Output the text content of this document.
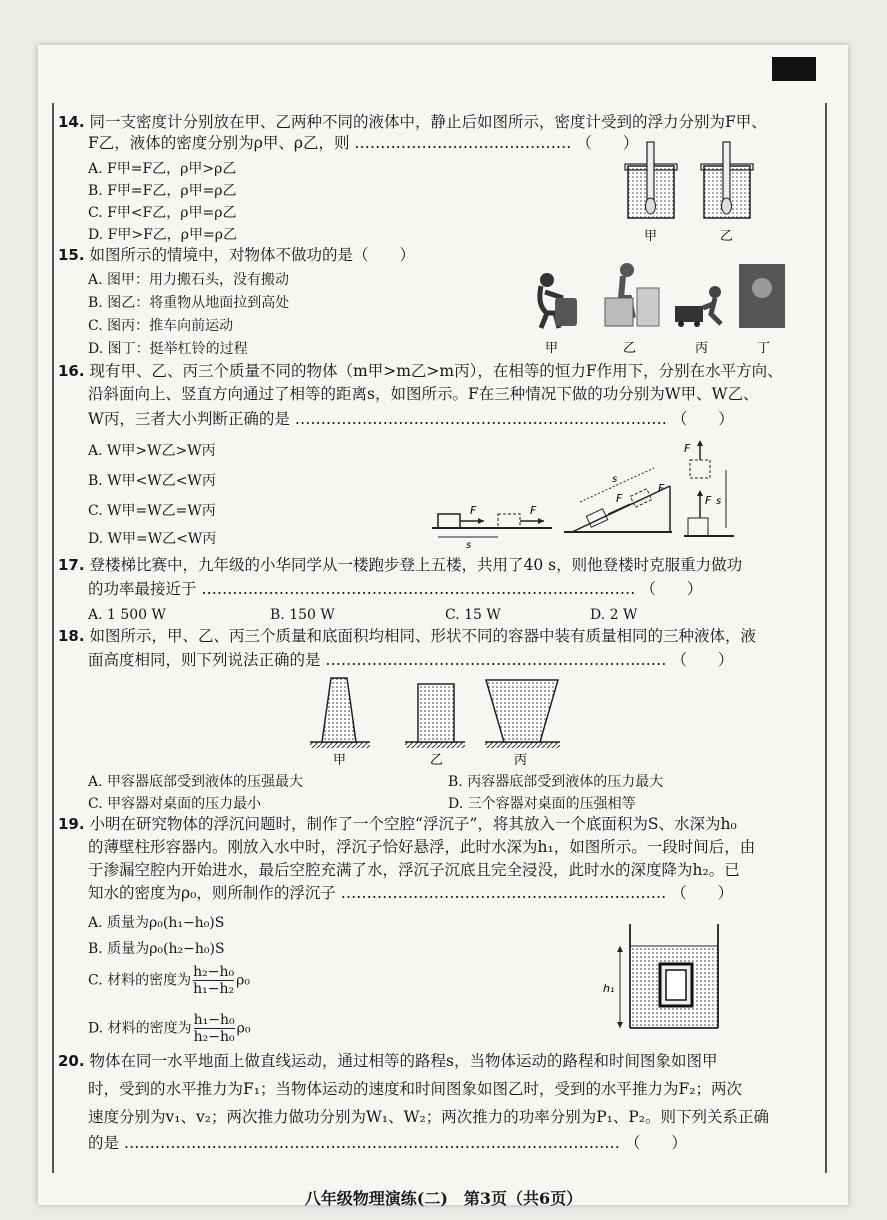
14. 同一支密度计分别放在甲、乙两种不同的液体中，静止后如图所示，密度计受到的浮力分别为F甲、
F乙，液体的密度分别为ρ甲、ρ乙，则 …………………………………… （　　）
A. F甲=F乙，ρ甲>ρ乙
B. F甲=F乙，ρ甲=ρ乙
C. F甲<F乙，ρ甲=ρ乙
D. F甲>F乙，ρ甲=ρ乙	甲	乙
15. 如图所示的情境中，对物体不做功的是（　　）
A. 图甲：用力搬石头，没有搬动
B. 图乙：将重物从地面拉到高处
C. 图丙：推车向前运动
D. 图丁：挺举杠铃的过程	甲	乙	丙	丁
16. 现有甲、乙、丙三个质量不同的物体（m甲>m乙>m丙），在相等的恒力F作用下，分别在水平方向、
沿斜面向上、竖直方向通过了相等的距离s，如图所示。F在三种情况下做的功分别为W甲、W乙、
W丙，三者大小判断正确的是 ……………………………………………………………… （　　）
A. W甲>W乙>W丙
B. W甲<W乙<W丙
C. W甲=W乙=W丙
D. W甲=W乙<W丙
F	F
s
F
F
s
F
F
s
17. 登楼梯比赛中，九年级的小华同学从一楼跑步登上五楼，共用了40 s，则他登楼时克服重力做功
的功率最接近于 ………………………………………………………………………… （　　）
A. 1 500 W	B. 150 W	C. 15 W	D. 2 W
18. 如图所示，甲、乙、丙三个质量和底面积均相同、形状不同的容器中装有质量相同的三种液体，液
面高度相同，则下列说法正确的是 ………………………………………………………… （　　）
甲	乙	丙
A. 甲容器底部受到液体的压强最大	B. 丙容器底部受到液体的压力最大
C. 甲容器对桌面的压力最小	D. 三个容器对桌面的压强相等
19. 小明在研究物体的浮沉问题时，制作了一个空腔“浮沉子”，将其放入一个底面积为S、水深为h₀
的薄壁柱形容器内。刚放入水中时，浮沉子恰好悬浮，此时水深为h₁，如图所示。一段时间后，由
于渗漏空腔内开始进水，最后空腔充满了水，浮沉子沉底且完全浸没，此时水的深度降为h₂。已
知水的密度为ρ₀，则所制作的浮沉子 ……………………………………………………… （　　）
A. 质量为ρ₀(h₁−h₀)S
B. 质量为ρ₀(h₂−h₀)S
C. 材料的密度为 $\frac{\text{h₂−h₀}}{\text{h₁−h₂}} \rho_0$
D. 材料的密度为 $\frac{\text{h₁−h₀}}{\text{h₂−h₀}} \rho_0$
h₁
20. 物体在同一水平地面上做直线运动，通过相等的路程s，当物体运动的路程和时间图象如图甲
时，受到的水平推力为F₁；当物体运动的速度和时间图象如图乙时，受到的水平推力为F₂；两次
速度分别为v₁、v₂；两次推力做功分别为W₁、W₂；两次推力的功率分别为P₁、P₂。则下列关系正确
的是 …………………………………………………………………………………… （　　）
八年级物理演练(二)　第3页（共6页）
